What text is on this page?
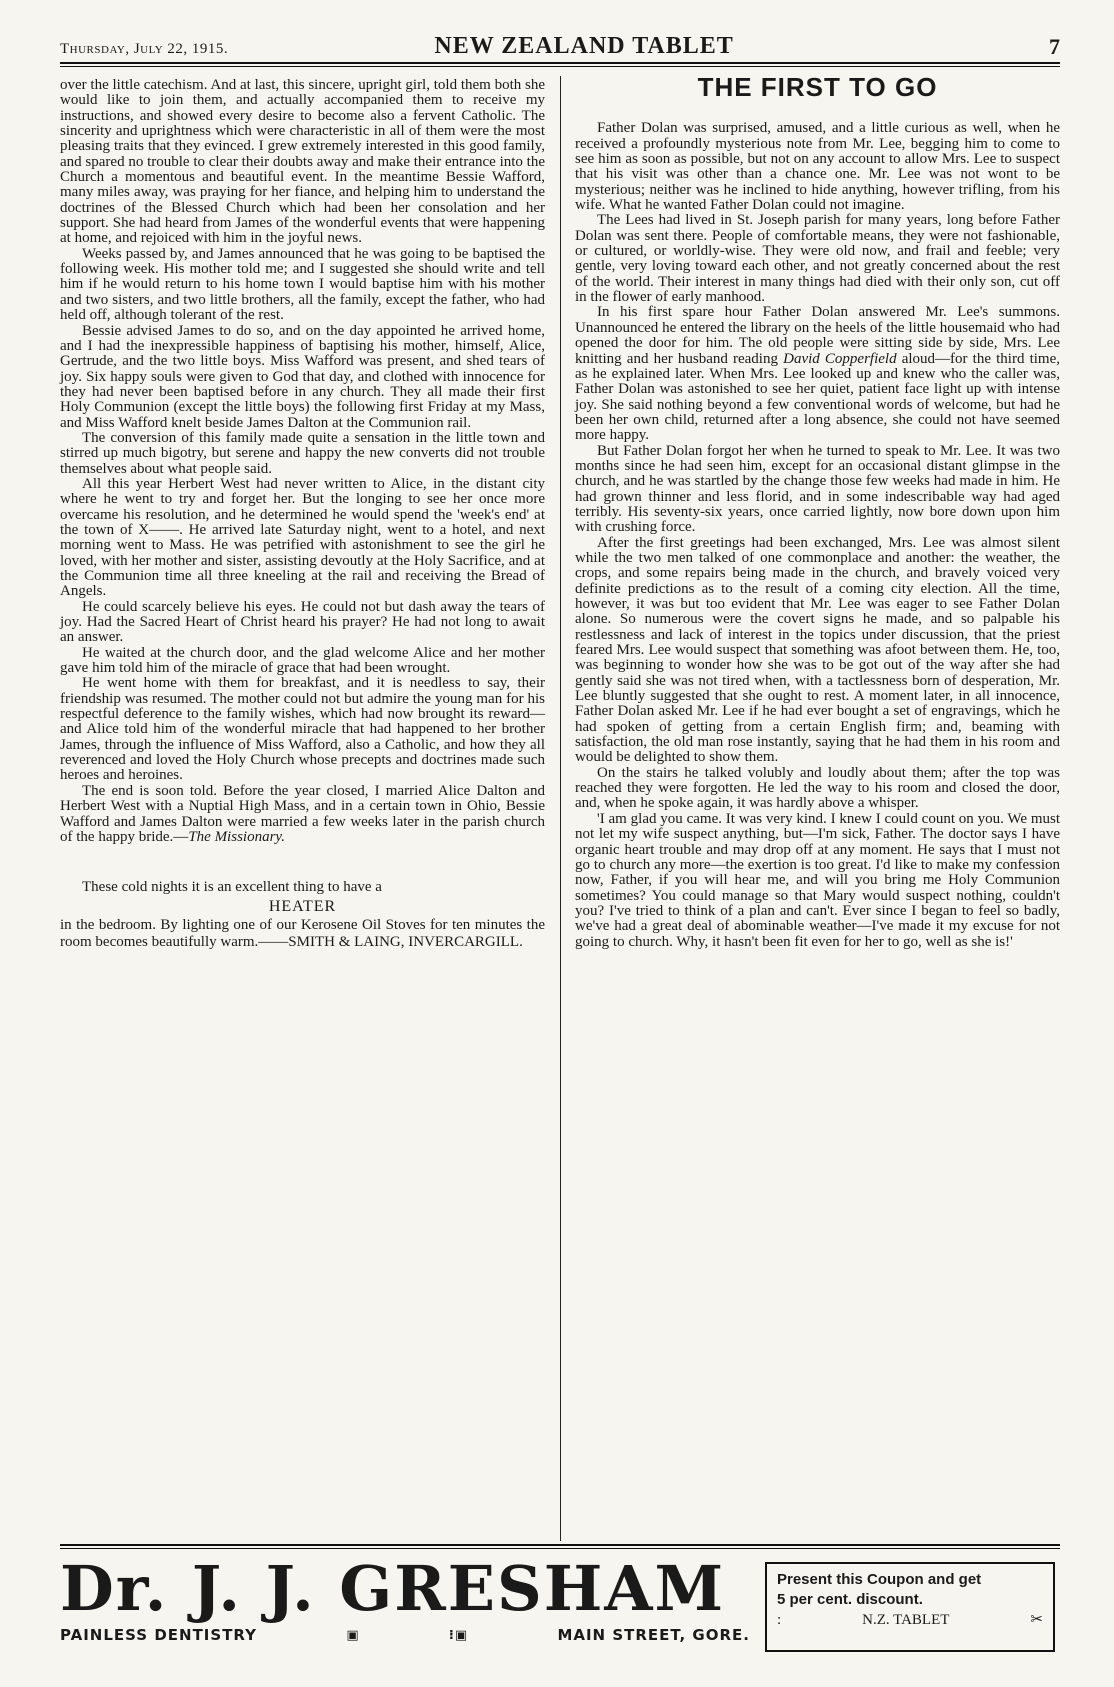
Thursday, July 22, 1915.	NEW ZEALAND TABLET	7

over the little catechism. And at last, this sincere, upright girl, told them both she would like to join them, and actually accompanied them to receive my instructions, and showed every desire to become also a fervent Catholic. The sincerity and uprightness which were characteristic in all of them were the most pleasing traits that they evinced. I grew extremely interested in this good family, and spared no trouble to clear their doubts away and make their entrance into the Church a momentous and beautiful event. In the meantime Bessie Wafford, many miles away, was praying for her fiance, and helping him to understand the doctrines of the Blessed Church which had been her consolation and her support. She had heard from James of the wonderful events that were happening at home, and rejoiced with him in the joyful news.

Weeks passed by, and James announced that he was going to be baptised the following week. His mother told me; and I suggested she should write and tell him if he would return to his home town I would baptise him with his mother and two sisters, and two little brothers, all the family, except the father, who had held off, although tolerant of the rest.

Bessie advised James to do so, and on the day appointed he arrived home, and I had the inexpressible happiness of baptising his mother, himself, Alice, Gertrude, and the two little boys. Miss Wafford was present, and shed tears of joy. Six happy souls were given to God that day, and clothed with innocence for they had never been baptised before in any church. They all made their first Holy Communion (except the little boys) the following first Friday at my Mass, and Miss Wafford knelt beside James Dalton at the Communion rail.

The conversion of this family made quite a sensation in the little town and stirred up much bigotry, but serene and happy the new converts did not trouble themselves about what people said.

All this year Herbert West had never written to Alice, in the distant city where he went to try and forget her. But the longing to see her once more overcame his resolution, and he determined he would spend the 'week's end' at the town of X——. He arrived late Saturday night, went to a hotel, and next morning went to Mass. He was petrified with astonishment to see the girl he loved, with her mother and sister, assisting devoutly at the Holy Sacrifice, and at the Communion time all three kneeling at the rail and receiving the Bread of Angels.

He could scarcely believe his eyes. He could not but dash away the tears of joy. Had the Sacred Heart of Christ heard his prayer? He had not long to await an answer.

He waited at the church door, and the glad welcome Alice and her mother gave him told him of the miracle of grace that had been wrought.

He went home with them for breakfast, and it is needless to say, their friendship was resumed. The mother could not but admire the young man for his respectful deference to the family wishes, which had now brought its reward—and Alice told him of the wonderful miracle that had happened to her brother James, through the influence of Miss Wafford, also a Catholic, and how they all reverenced and loved the Holy Church whose precepts and doctrines made such heroes and heroines.

The end is soon told. Before the year closed, I married Alice Dalton and Herbert West with a Nuptial High Mass, and in a certain town in Ohio, Bessie Wafford and James Dalton were married a few weeks later in the parish church of the happy bride.—The Missionary.

These cold nights it is an excellent thing to have a
HEATER
in the bedroom. By lighting one of our Kerosene Oil Stoves for ten minutes the room becomes beautifully warm.——SMITH & LAING, INVERCARGILL.
THE FIRST TO GO

Father Dolan was surprised, amused, and a little curious as well, when he received a profoundly mysterious note from Mr. Lee, begging him to come to see him as soon as possible, but not on any account to allow Mrs. Lee to suspect that his visit was other than a chance one. Mr. Lee was not wont to be mysterious; neither was he inclined to hide anything, however trifling, from his wife. What he wanted Father Dolan could not imagine.

The Lees had lived in St. Joseph parish for many years, long before Father Dolan was sent there. People of comfortable means, they were not fashionable, or cultured, or worldly-wise. They were old now, and frail and feeble; very gentle, very loving toward each other, and not greatly concerned about the rest of the world. Their interest in many things had died with their only son, cut off in the flower of early manhood.

In his first spare hour Father Dolan answered Mr. Lee's summons. Unannounced he entered the library on the heels of the little housemaid who had opened the door for him. The old people were sitting side by side, Mrs. Lee knitting and her husband reading David Copperfield aloud—for the third time, as he explained later. When Mrs. Lee looked up and knew who the caller was, Father Dolan was astonished to see her quiet, patient face light up with intense joy. She said nothing beyond a few conventional words of welcome, but had he been her own child, returned after a long absence, she could not have seemed more happy.

But Father Dolan forgot her when he turned to speak to Mr. Lee. It was two months since he had seen him, except for an occasional distant glimpse in the church, and he was startled by the change those few weeks had made in him. He had grown thinner and less florid, and in some indescribable way had aged terribly. His seventy-six years, once carried lightly, now bore down upon him with crushing force.

After the first greetings had been exchanged, Mrs. Lee was almost silent while the two men talked of one commonplace and another: the weather, the crops, and some repairs being made in the church, and bravely voiced very definite predictions as to the result of a coming city election. All the time, however, it was but too evident that Mr. Lee was eager to see Father Dolan alone. So numerous were the covert signs he made, and so palpable his restlessness and lack of interest in the topics under discussion, that the priest feared Mrs. Lee would suspect that something was afoot between them. He, too, was beginning to wonder how she was to be got out of the way after she had gently said she was not tired when, with a tactlessness born of desperation, Mr. Lee bluntly suggested that she ought to rest. A moment later, in all innocence, Father Dolan asked Mr. Lee if he had ever bought a set of engravings, which he had spoken of getting from a certain English firm; and, beaming with satisfaction, the old man rose instantly, saying that he had them in his room and would be delighted to show them.

On the stairs he talked volubly and loudly about them; after the top was reached they were forgotten. He led the way to his room and closed the door, and, when he spoke again, it was hardly above a whisper.

'I am glad you came. It was very kind. I knew I could count on you. We must not let my wife suspect anything, but—I'm sick, Father. The doctor says I have organic heart trouble and may drop off at any moment. He says that I must not go to church any more—the exertion is too great. I'd like to make my confession now, Father, if you will hear me, and will you bring me Holy Communion sometimes? You could manage so that Mary would suspect nothing, couldn't you? I've tried to think of a plan and can't. Ever since I began to feel so badly, we've had a great deal of abominable weather—I've made it my excuse for not going to church. Why, it hasn't been fit even for her to go, well as she is!'

Dr. J. J. GRESHAM
PAINLESS DENTISTRY	▣	⁝▣	MAIN STREET, GORE.
Present this Coupon and get
5 per cent. discount.
:	N.Z. TABLET	✂
